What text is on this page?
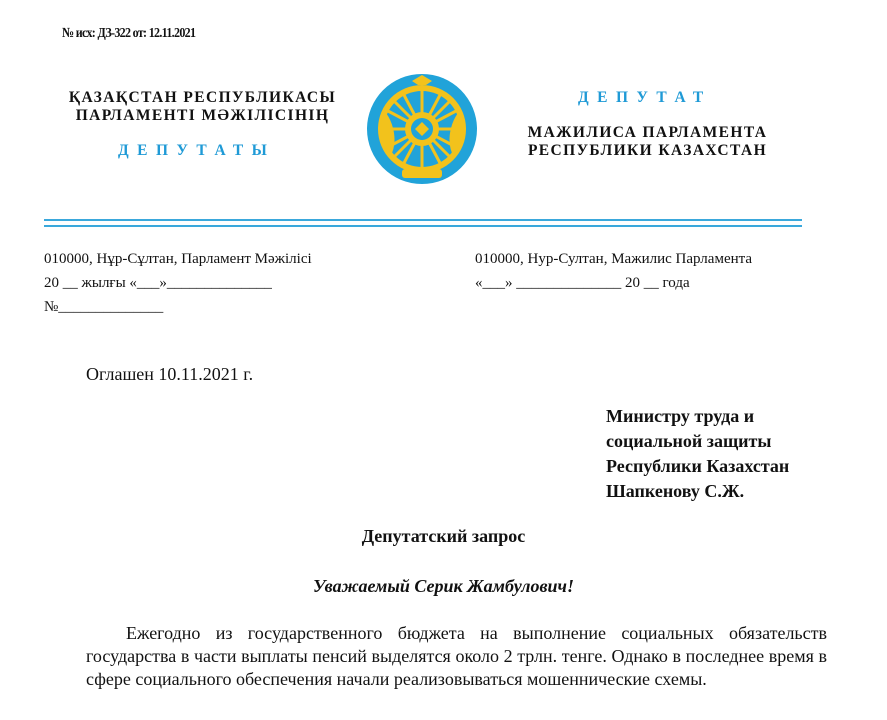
№ исх: ДЗ-322 от: 12.11.2021
ҚАЗАҚСТАН РЕСПУБЛИКАСЫ
ПАРЛАМЕНТІ МӘЖІЛІСІНІҢ
ДЕПУТАТЫ
ДЕПУТАТ
МАЖИЛИСА ПАРЛАМЕНТА
РЕСПУБЛИКИ КАЗАХСТАН
010000, Нұр-Сұлтан, Парламент Мәжілісі
20 __ жылғы «___»______________
№______________
010000, Нур-Султан, Мажилис Парламента
«___» ______________ 20 __ года
Оглашен 10.11.2021 г.
Министру труда и
социальной защиты
Республики Казахстан
Шапкенову С.Ж.
Депутатский запрос
Уважаемый Серик Жамбулович!
Ежегодно из государственного бюджета на выполнение социальных обязательств государства в части выплаты пенсий выделятся около 2 трлн. тенге. Однако в последнее время в сфере социального обеспечения начали реализовываться мошеннические схемы.
